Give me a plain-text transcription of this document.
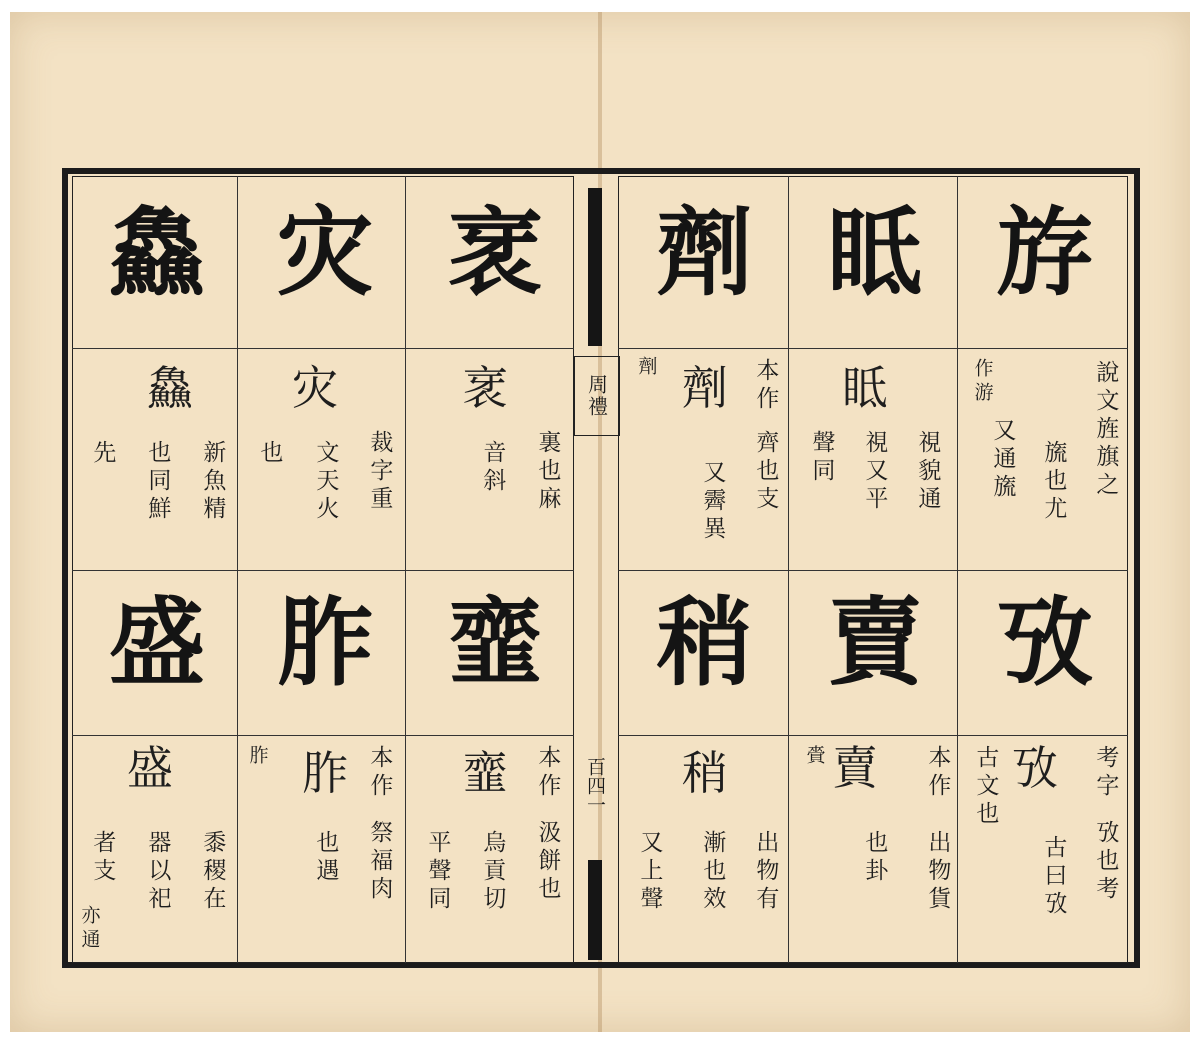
周禮
百四一
斿
眡
劑
說文旌旗之
旒也尤
又通旒
作游
眡
視貌通
視又平
聲同
劑	本作
齊也支
又霽異
劑
攷
賣
稍
攷	考字
攷也考
古曰攷
古文也
賣	本作
出物貨
也卦
賫
稍
出物有
漸也效
又上聲
衺
灾
鱻
衺
裏也麻
音斜
灾
裁字重
文天火
也
鱻
新魚精
也同鮮
先
韲
胙
盛
韲	本作
汲餅也
烏貢切
平聲同
胙 本作
祭福肉
也遇
胙
盛
黍稷在
器以祀
者支
亦通
